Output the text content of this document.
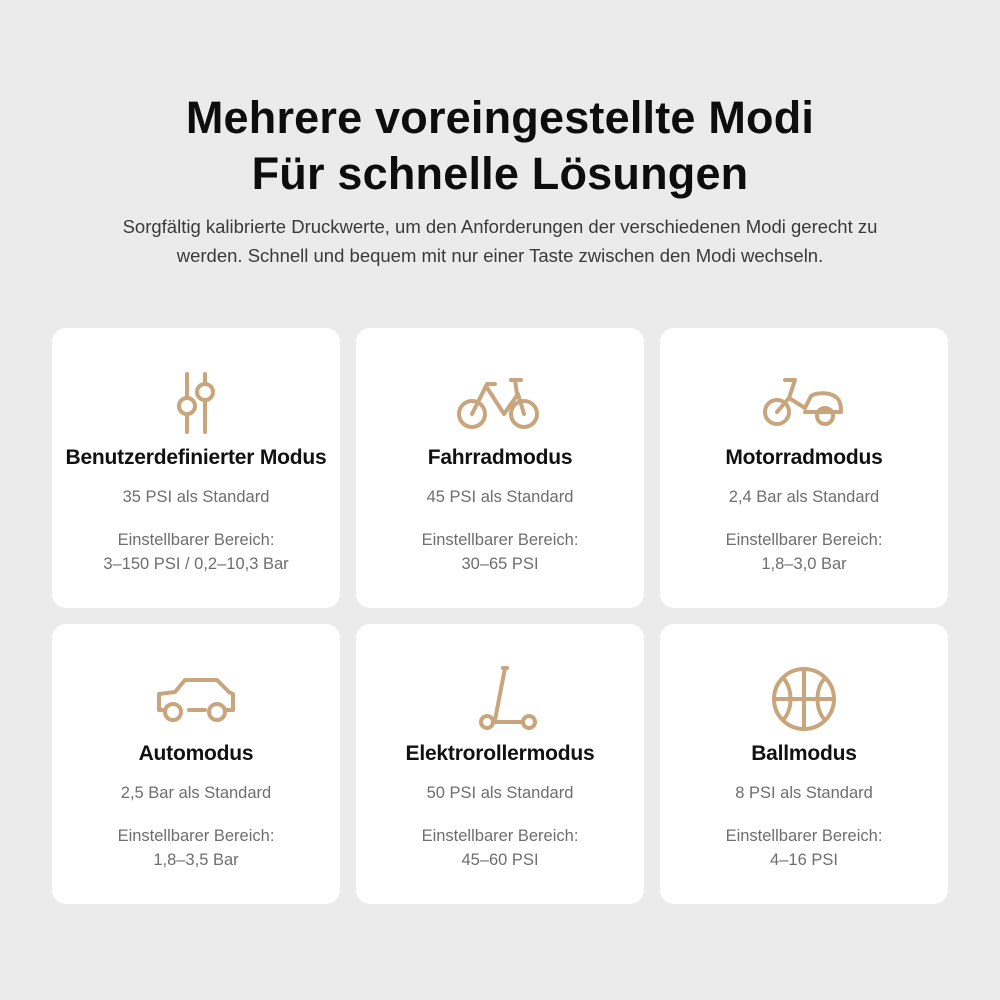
Mehrere voreingestellte Modi
Für schnelle Lösungen
Sorgfältig kalibrierte Druckwerte, um den Anforderungen der verschiedenen Modi gerecht zu
werden. Schnell und bequem mit nur einer Taste zwischen den Modi wechseln.
Benutzerdefinierter Modus
35 PSI als Standard
Einstellbarer Bereich:
3–150 PSI / 0,2–10,3 Bar
Fahrradmodus
45 PSI als Standard
Einstellbarer Bereich:
30–65 PSI
Motorradmodus
2,4 Bar als Standard
Einstellbarer Bereich:
1,8–3,0 Bar
Automodus
2,5 Bar als Standard
Einstellbarer Bereich:
1,8–3,5 Bar
Elektrorollermodus
50 PSI als Standard
Einstellbarer Bereich:
45–60 PSI
Ballmodus
8 PSI als Standard
Einstellbarer Bereich:
4–16 PSI
